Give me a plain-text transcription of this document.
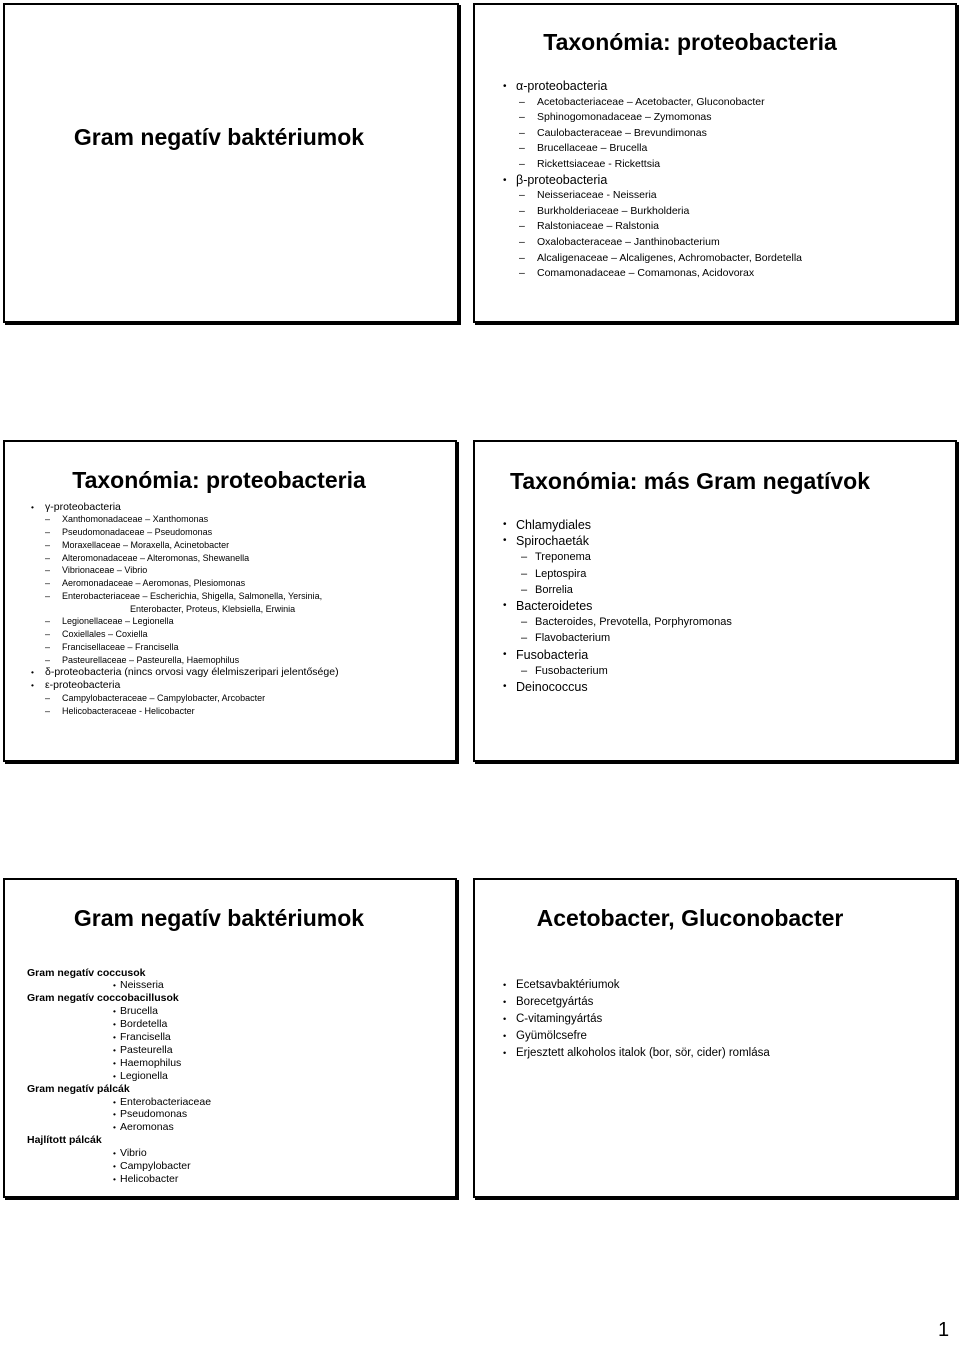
Gram negatív baktériumok
Taxonómia: proteobacteria
• α-proteobacteria
– Acetobacteriaceae – Acetobacter, Gluconobacter
– Sphinogomonadaceae – Zymomonas
– Caulobacteraceae – Brevundimonas
– Brucellaceae – Brucella
– Rickettsiaceae - Rickettsia
• β-proteobacteria
– Neisseriaceae - Neisseria
– Burkholderiaceae – Burkholderia
– Ralstoniaceae – Ralstonia
– Oxalobacteraceae – Janthinobacterium
– Alcaligenaceae – Alcaligenes, Achromobacter, Bordetella
– Comamonadaceae – Comamonas, Acidovorax
Taxonómia: proteobacteria
• γ-proteobacteria
– Xanthomonadaceae – Xanthomonas
– Pseudomonadaceae – Pseudomonas
– Moraxellaceae – Moraxella, Acinetobacter
– Alteromonadaceae – Alteromonas, Shewanella
– Vibrionaceae – Vibrio
– Aeromonadaceae – Aeromonas, Plesiomonas
– Enterobacteriaceae – Escherichia, Shigella, Salmonella, Yersinia,
Enterobacter, Proteus, Klebsiella, Erwinia
– Legionellaceae – Legionella
– Coxiellales – Coxiella
– Francisellaceae – Francisella
– Pasteurellaceae – Pasteurella, Haemophilus
• δ-proteobacteria (nincs orvosi vagy élelmiszeripari jelentősége)
• ε-proteobacteria
– Campylobacteraceae – Campylobacter, Arcobacter
– Helicobacteraceae - Helicobacter
Taxonómia: más Gram negatívok
• Chlamydiales
• Spirochaeták
– Treponema
– Leptospira
– Borrelia
• Bacteroidetes
– Bacteroides, Prevotella, Porphyromonas
– Flavobacterium
• Fusobacteria
– Fusobacterium
• Deinococcus
Gram negatív baktériumok
Gram negatív coccusok
• Neisseria
Gram negatív coccobacillusok
• Brucella
• Bordetella
• Francisella
• Pasteurella
• Haemophilus
• Legionella
Gram negatív pálcák
• Enterobacteriaceae
• Pseudomonas
• Aeromonas
Hajlított pálcák
• Vibrio
• Campylobacter
• Helicobacter
Acetobacter, Gluconobacter
• Ecetsavbaktériumok
• Borecetgyártás
• C-vitamingyártás
• Gyümölcsefre
• Erjesztett alkoholos italok (bor, sör, cider) romlása
1
